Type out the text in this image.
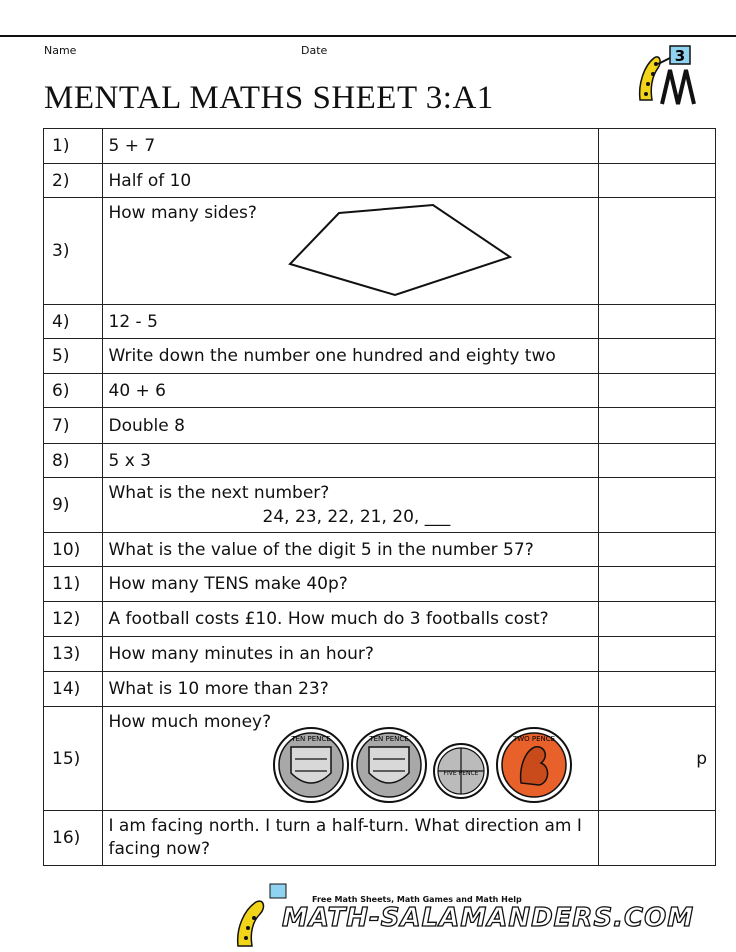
Name	Date
MENTAL MATHS SHEET 3:A1
3
1)	5 + 7	
2)	Half of 10	
3)	How many sides?	

4)	12 - 5	
5)	Write down the number one hundred and eighty two	
6)	40 + 6	
7)	Double 8	
8)	5 x 3	
9)	What is the next number?
24, 23, 22, 21, 20, ___	

10)	What is the value of the digit 5 in the number 57?	
11)	How many TENS make 40p?	
12)	A football costs £10. How much do 3 footballs cost?	
13)	How many minutes in an hour?	
14)	What is 10 more than 23?	
15)	How much money?
TEN PENCE TEN PENCE
FIVE PENCE
TWO PENCE	p
16)	I am facing north. I turn a half-turn. What direction am I facing now?	
Free Math Sheets, Math Games and Math Help
MATH-SALAMANDERS.COM
